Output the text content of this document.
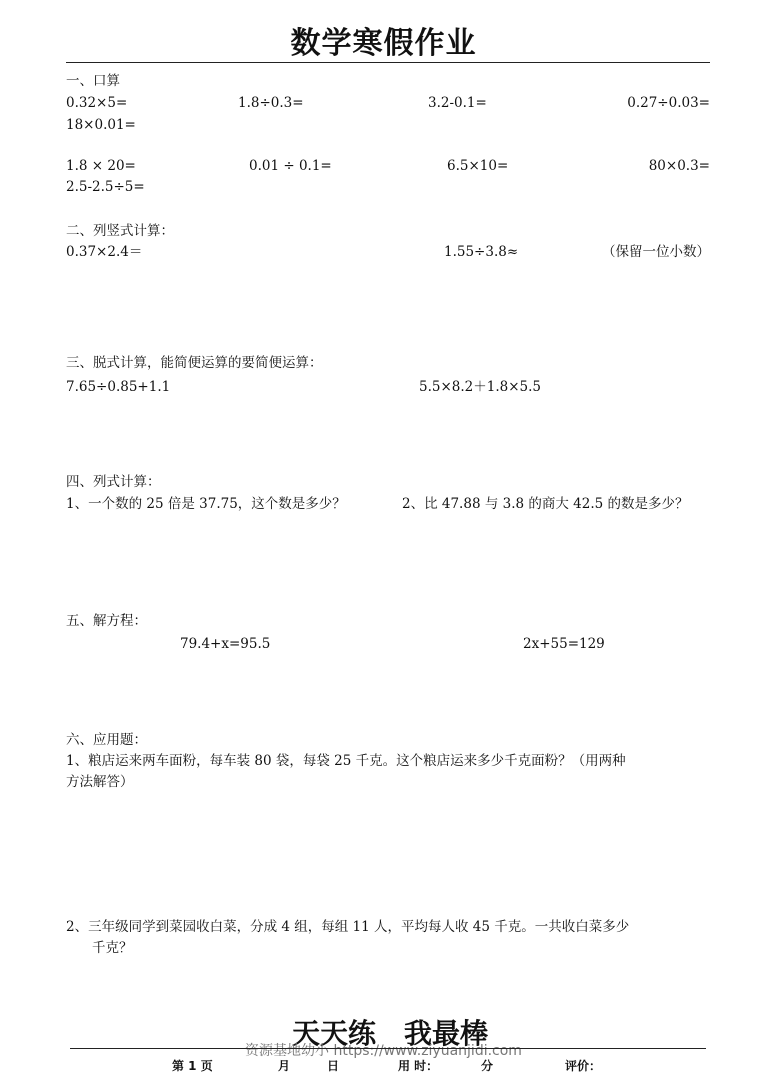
数学寒假作业
一、口算
0.32×5=	1.8÷0.3=	3.2-0.1=	0.27÷0.03=
18×0.01=
1.8 × 20=	0.01 ÷ 0.1=	6.5×10=	80×0.3=
2.5-2.5÷5=
二、列竖式计算：
0.37×2.4＝	1.55÷3.8≈	（保留一位小数）
三、脱式计算，能简便运算的要简便运算：
7.65÷0.85+1.1	5.5×8.2＋1.8×5.5
四、列式计算：
1、一个数的 25 倍是 37.75，这个数是多少？	2、比 47.88 与 3.8 的商大 42.5 的数是多少？
五、解方程：
79.4+x=95.5	2x+55=129
六、应用题：
1、粮店运来两车面粉，每车装 80 袋，每袋 25 千克。这个粮店运来多少千克面粉？（用两种
方法解答）
2、三年级同学到菜园收白菜，分成 4 组，每组 11 人，平均每人收 45 千克。一共收白菜多少
千克？
天天练 我最棒
资源基地幼小 https://www.ziyuanjidi.com
第 1 页	月	日	用 时：	分	评价：
